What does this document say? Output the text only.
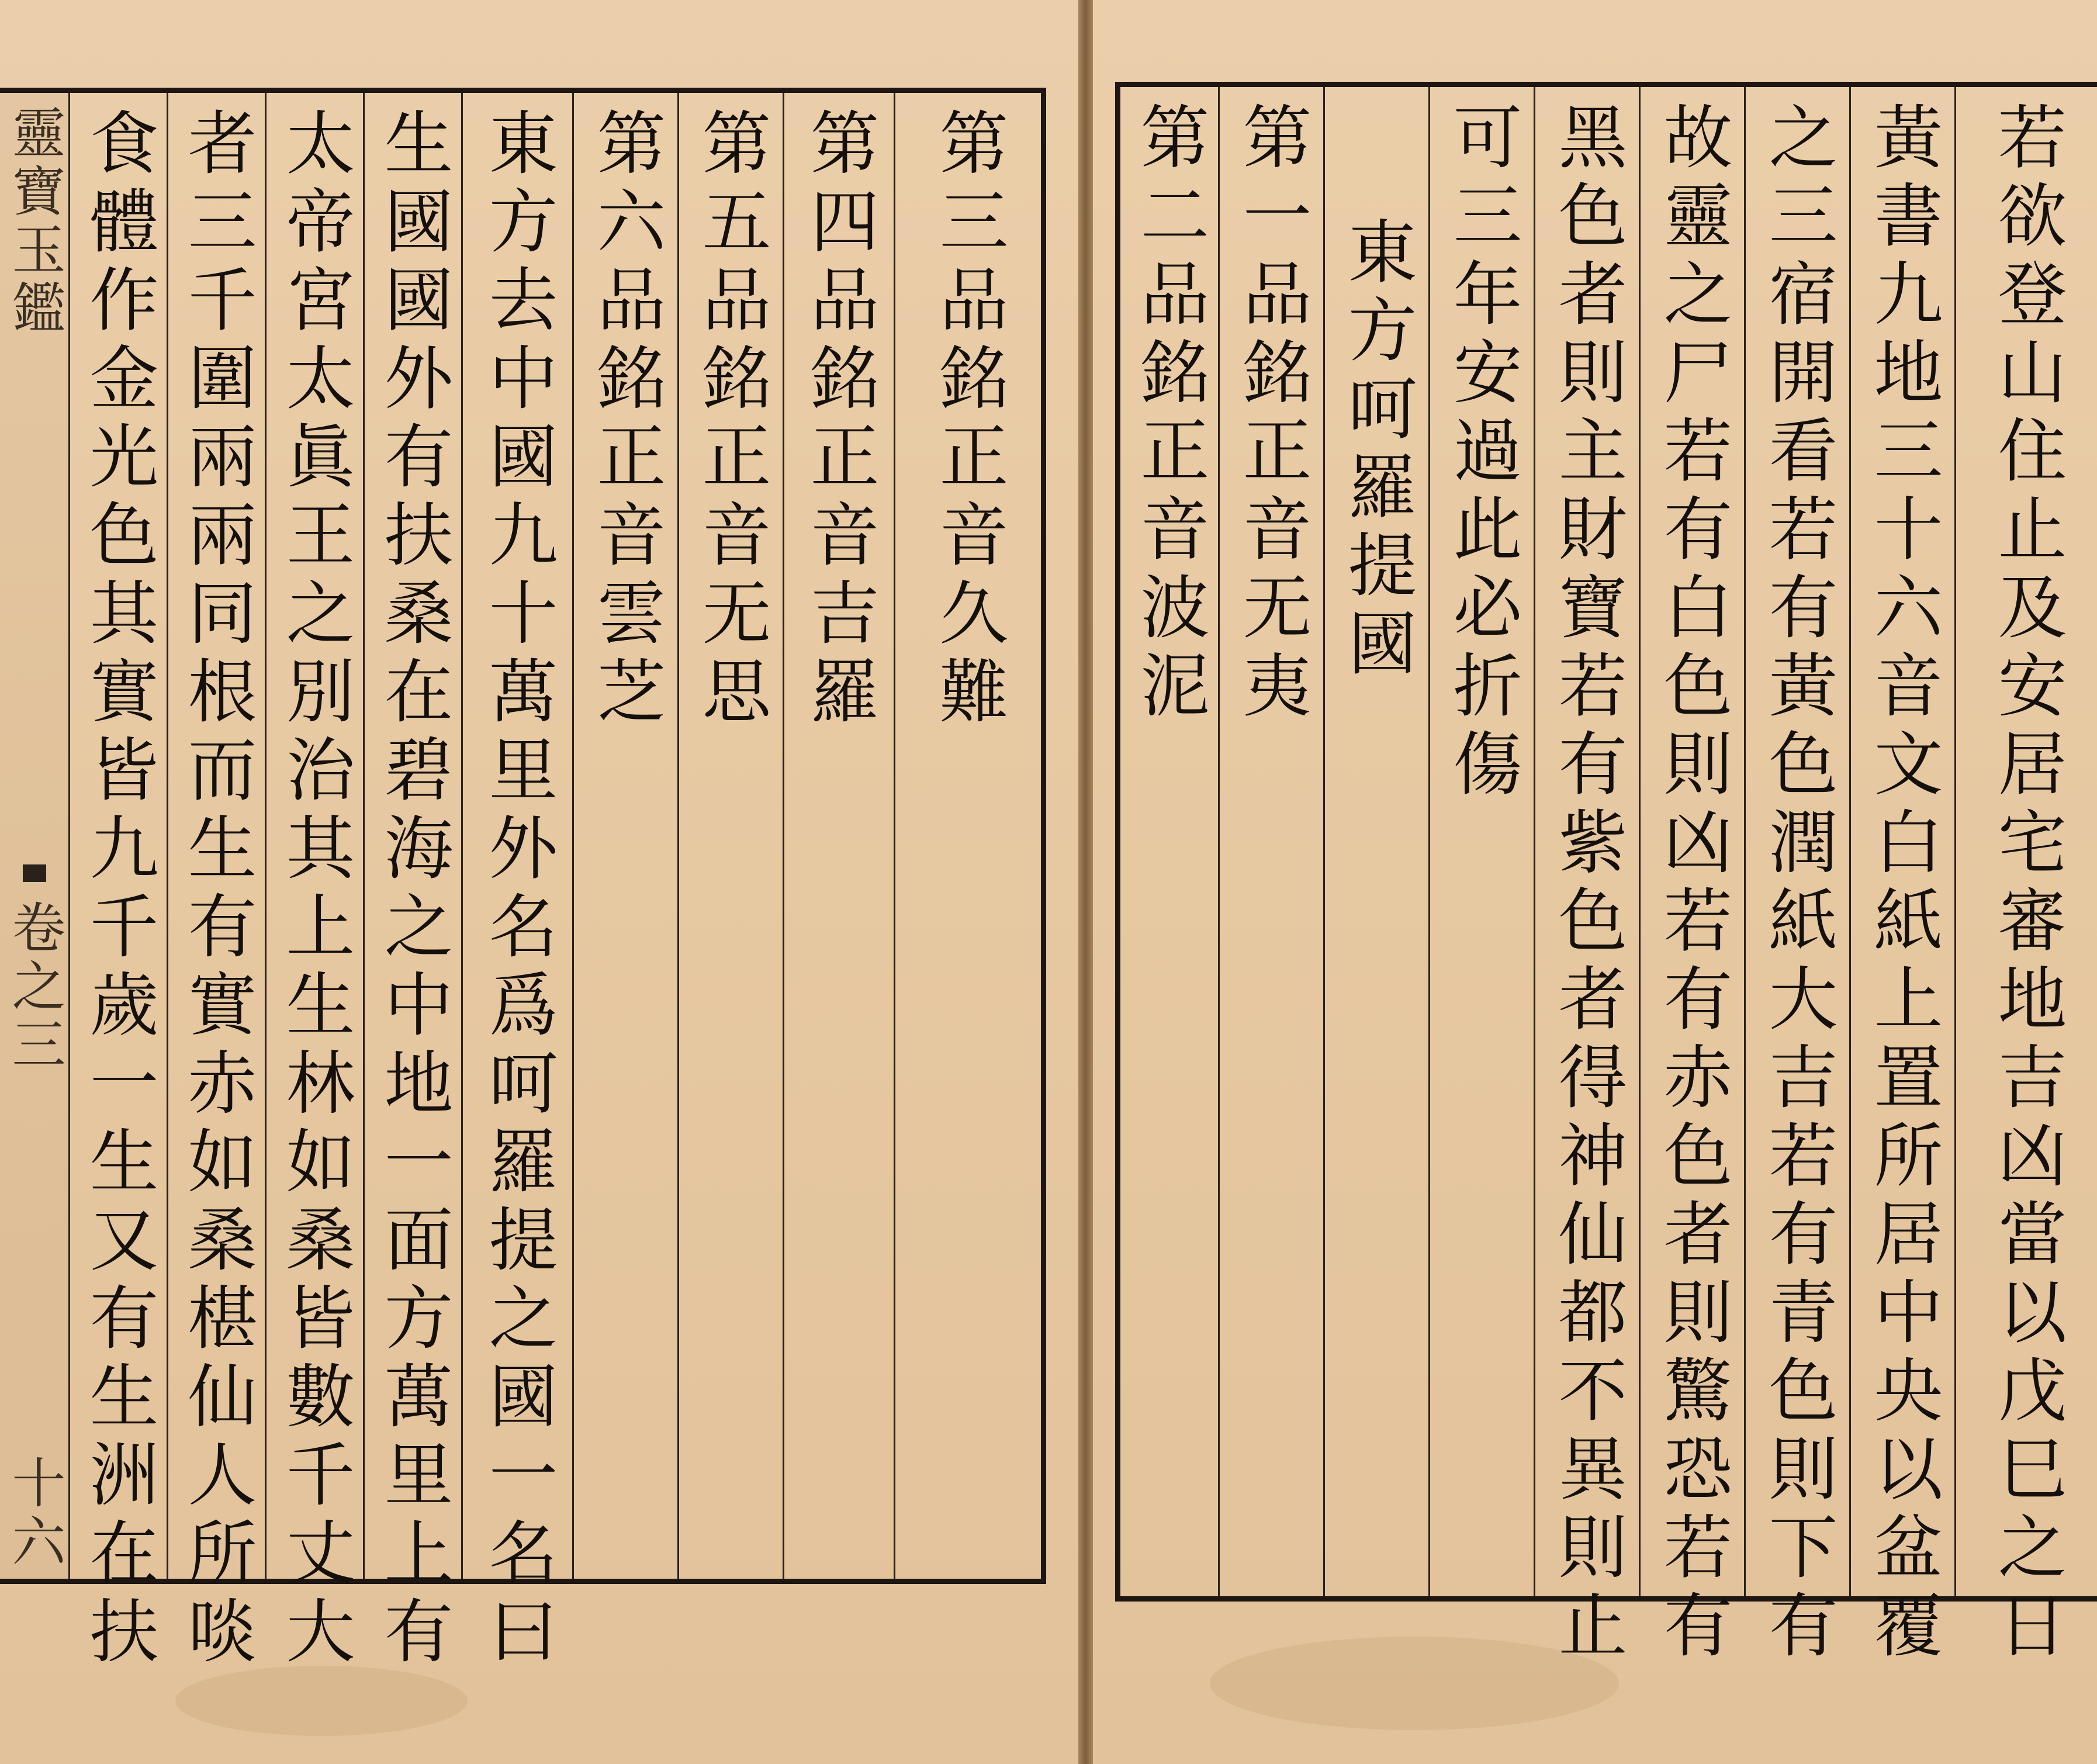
靈寶玉鑑
卷之三
十六 食體作金光色其實皆九千歲一生又有生洲在扶 者三千圍兩兩同根而生有實赤如桑椹仙人所啖 太帝宮太眞王之別治其上生林如桑皆數千丈大 生國國外有扶桑在碧海之中地一面方萬里上有 東方去中國九十萬里外名爲呵羅提之國一名曰 第六品銘正音雲芝
第五品銘正音无思
第四品銘正音吉羅
第三品銘正音久難
第二品銘正音波泥
第一品銘正音无夷 東方呵羅提國 可三年安過此必折傷 黑色者則主財寶若有紫色者得神仙都不異則止 故靈之尸若有白色則凶若有赤色者則驚恐若有 之三宿開看若有黃色潤紙大吉若有青色則下有 黃書九地三十六音文白紙上置所居中央以盆覆 若欲登山住止及安居宅審地吉凶當以戊巳之日
